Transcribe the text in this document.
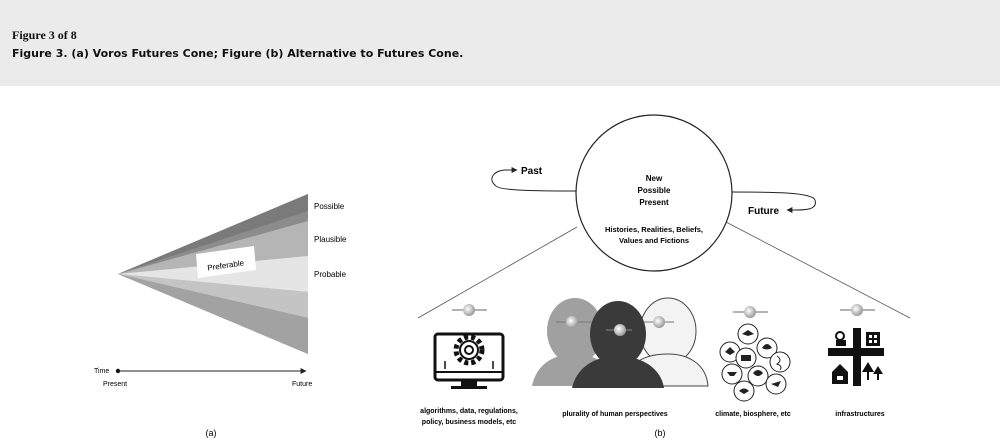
Figure 3 of 8
Figure 3. (a) Voros Futures Cone; Figure (b) Alternative to Futures Cone.
Preferable
Possible
Plausible
Probable
Time
Present	Future
(a)
Past
Future
New
Possible
Present
Histories, Realities, Beliefs,
Values and Fictions
algorithms, data, regulations,
policy, business models, etc
plurality of human perspectives	climate, biosphere, etc	infrastructures
(b)
